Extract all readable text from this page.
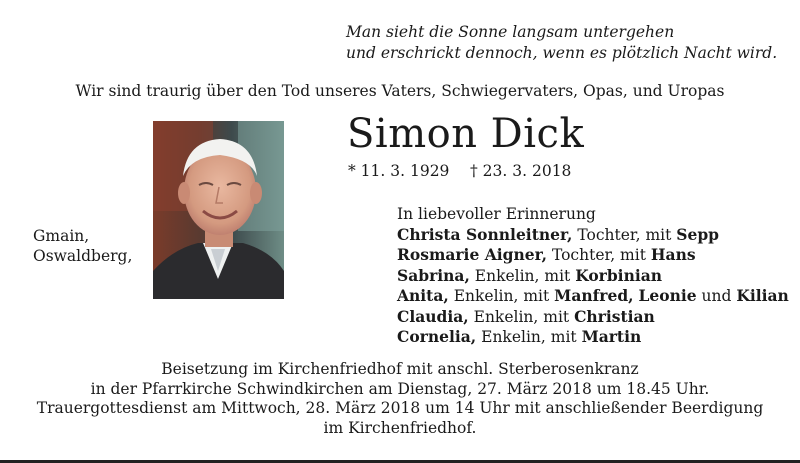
Man sieht die Sonne langsam untergehen
und erschrickt dennoch, wenn es plötzlich Nacht wird.
Wir sind traurig über den Tod unseres Vaters, Schwiegervaters, Opas, und Uropas
Simon Dick
* 11. 3. 1929 † 23. 3. 2018
Gmain,
Oswaldberg,
In liebevoller Erinnerung
Christa Sonnleitner, Tochter, mit Sepp
Rosmarie Aigner, Tochter, mit Hans
Sabrina, Enkelin, mit Korbinian
Anita, Enkelin, mit Manfred, Leonie und Kilian
Claudia, Enkelin, mit Christian
Cornelia, Enkelin, mit Martin
Beisetzung im Kirchenfriedhof mit anschl. Sterberosenkranz
in der Pfarrkirche Schwindkirchen am Dienstag, 27. März 2018 um 18.45 Uhr.
Trauergottesdienst am Mittwoch, 28. März 2018 um 14 Uhr mit anschließender Beerdigung
im Kirchenfriedhof.
